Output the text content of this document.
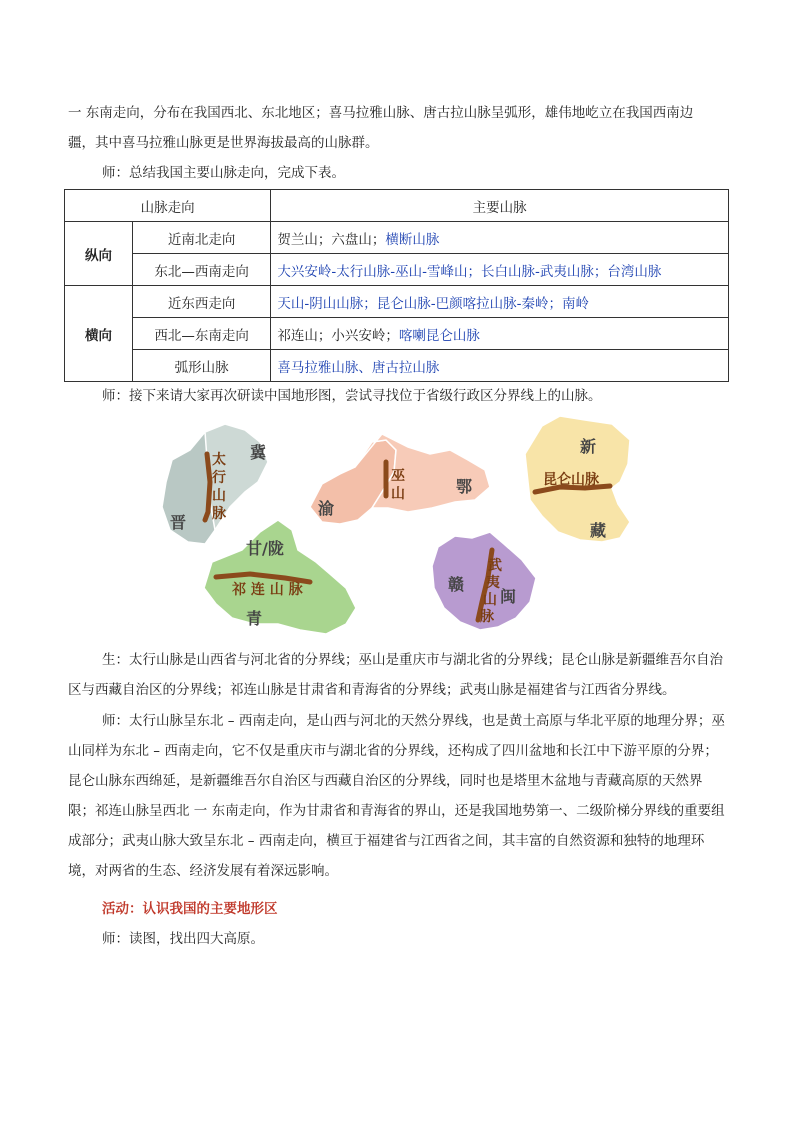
一 东南走向，分布在我国西北、东北地区；喜马拉雅山脉、唐古拉山脉呈弧形，雄伟地屹立在我国西南边

疆，其中喜马拉雅山脉更是世界海拔最高的山脉群。

师：总结我国主要山脉走向，完成下表。

山脉走向		主要山脉
纵向	近南北走向	贺兰山；六盘山；横断山脉
	东北—西南走向	大兴安岭-太行山脉-巫山-雪峰山；长白山脉-武夷山脉；台湾山脉
横向	近东西走向	天山-阴山山脉；昆仑山脉-巴颜喀拉山脉-秦岭；南岭
	西北—东南走向	祁连山；小兴安岭；喀喇昆仑山脉
	弧形山脉	喜马拉雅山脉、唐古拉山脉

师：接下来请大家再次研读中国地形图，尝试寻找位于省级行政区分界线上的山脉。

冀
晋
太
行
山
脉	渝
鄂
巫
山
新
藏
昆仑山脉
甘/陇
青
祁 连 山 脉	赣
闽
武
夷
山
脉

生：太行山脉是山西省与河北省的分界线；巫山是重庆市与湖北省的分界线；昆仑山脉是新疆维吾尔自治区与西藏自治区的分界线；祁连山脉是甘肃省和青海省的分界线；武夷山脉是福建省与江西省分界线。

师：太行山脉呈东北 – 西南走向，是山西与河北的天然分界线，也是黄土高原与华北平原的地理分界；巫山同样为东北 – 西南走向，它不仅是重庆市与湖北省的分界线，还构成了四川盆地和长江中下游平原的分界；昆仑山脉东西绵延，是新疆维吾尔自治区与西藏自治区的分界线，同时也是塔里木盆地与青藏高原的天然界限；祁连山脉呈西北 一 东南走向，作为甘肃省和青海省的界山，还是我国地势第一、二级阶梯分界线的重要组成部分；武夷山脉大致呈东北 – 西南走向，横亘于福建省与江西省之间，其丰富的自然资源和独特的地理环境，对两省的生态、经济发展有着深远影响。

活动：认识我国的主要地形区

师：读图，找出四大高原。
